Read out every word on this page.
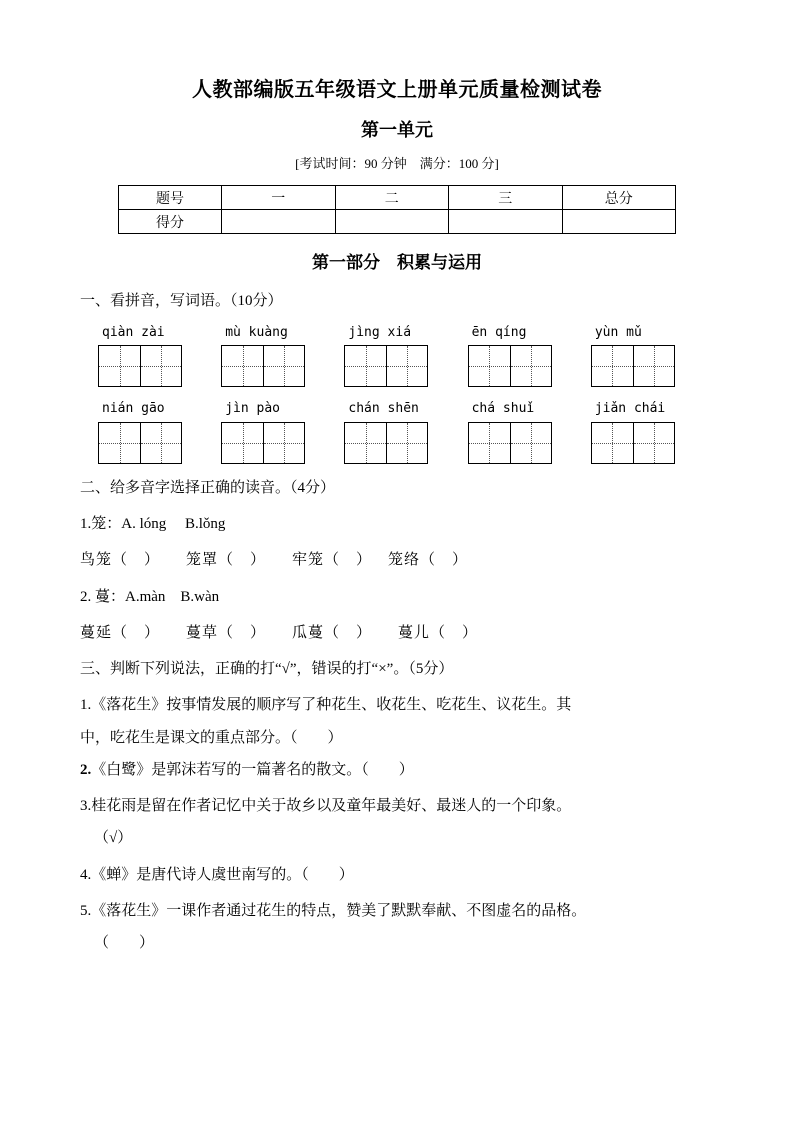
人教部编版五年级语文上册单元质量检测试卷
第一单元

[考试时间：90 分钟　满分：100 分]

题号	一	二	三	总分
得分				
第一部分　积累与运用

一、看拼音，写词语。（10分）

qiàn zài	mù kuàng	jìng xiá	ēn qíng	yùn mǔ
nián gāo	jìn pào	chán shēn	chá shuǐ	jiǎn chái

二、给多音字选择正确的读音。（4分）

1.笼：A. lóng　 B.lǒng

鸟笼（　） 笼罩（　） 牢笼（　） 笼络（　）

2. 蔓：A.màn　B.wàn

蔓延（　） 蔓草（　） 瓜蔓（　） 蔓儿（　）

三、判断下列说法，正确的打“√”，错误的打“×”。（5分）

1.《落花生》按事情发展的顺序写了种花生、收花生、吃花生、议花生。其

中，吃花生是课文的重点部分。（　　）

2.《白鹭》是郭沫若写的一篇著名的散文。（　　）

3.桂花雨是留在作者记忆中关于故乡以及童年最美好、最迷人的一个印象。

（√）

4.《蝉》是唐代诗人虞世南写的。（　　）

5.《落花生》一课作者通过花生的特点，赞美了默默奉献、不图虚名的品格。

（　　）
